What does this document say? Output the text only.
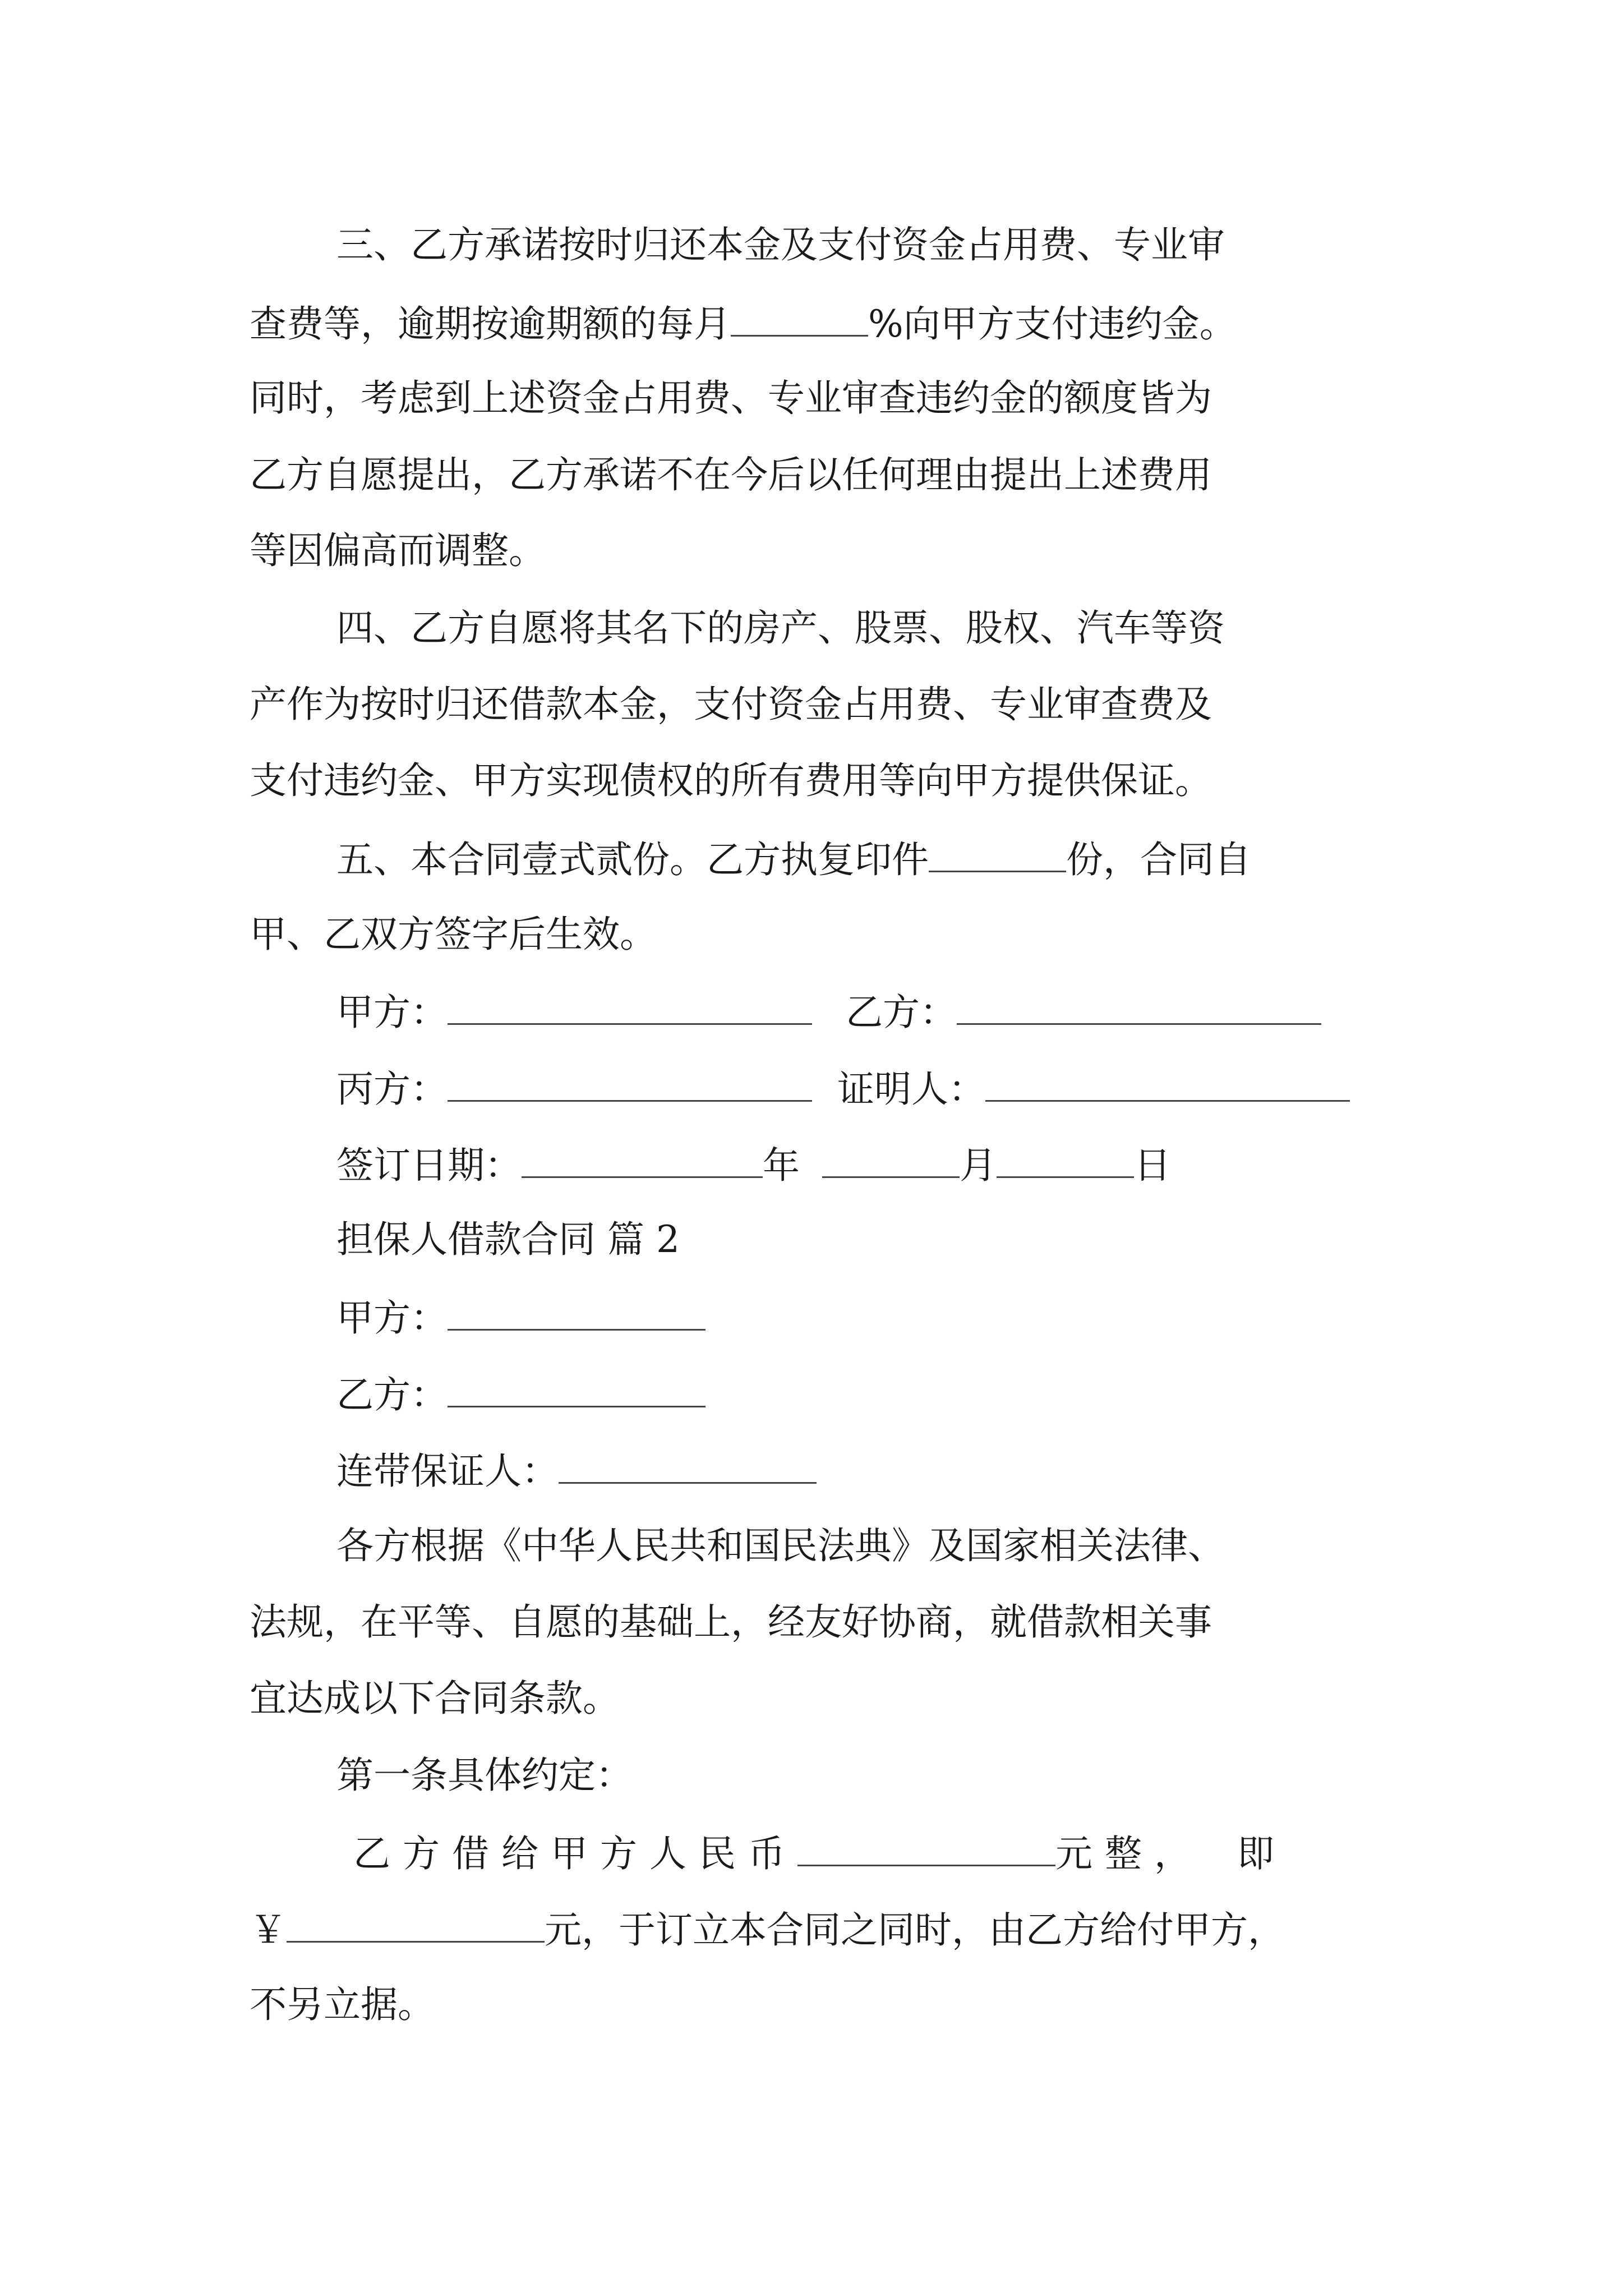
三、乙方承诺按时归还本金及支付资金占用费、专业审
查费等，逾期按逾期额的每月	%向甲方支付违约金。
同时，考虑到上述资金占用费、专业审查违约金的额度皆为
乙方自愿提出，乙方承诺不在今后以任何理由提出上述费用
等因偏高而调整。
四、乙方自愿将其名下的房产、股票、股权、汽车等资
产作为按时归还借款本金，支付资金占用费、专业审查费及
支付违约金、甲方实现债权的所有费用等向甲方提供保证。
五、本合同壹式贰份。乙方执复印件	份，合同自
甲、乙双方签字后生效。
甲方：	乙方：
丙方：	证明人：
签订日期：	年	月	日
担保人借款合同 篇 2
甲方：
乙方：
连带保证人：
各方根据《中华人民共和国民法典》及国家相关法律、
法规，在平等、自愿的基础上，经友好协商，就借款相关事
宜达成以下合同条款。
第一条具体约定：
乙方借给甲方人民币	元整， 即
￥	元，于订立本合同之同时，由乙方给付甲方，
不另立据。
